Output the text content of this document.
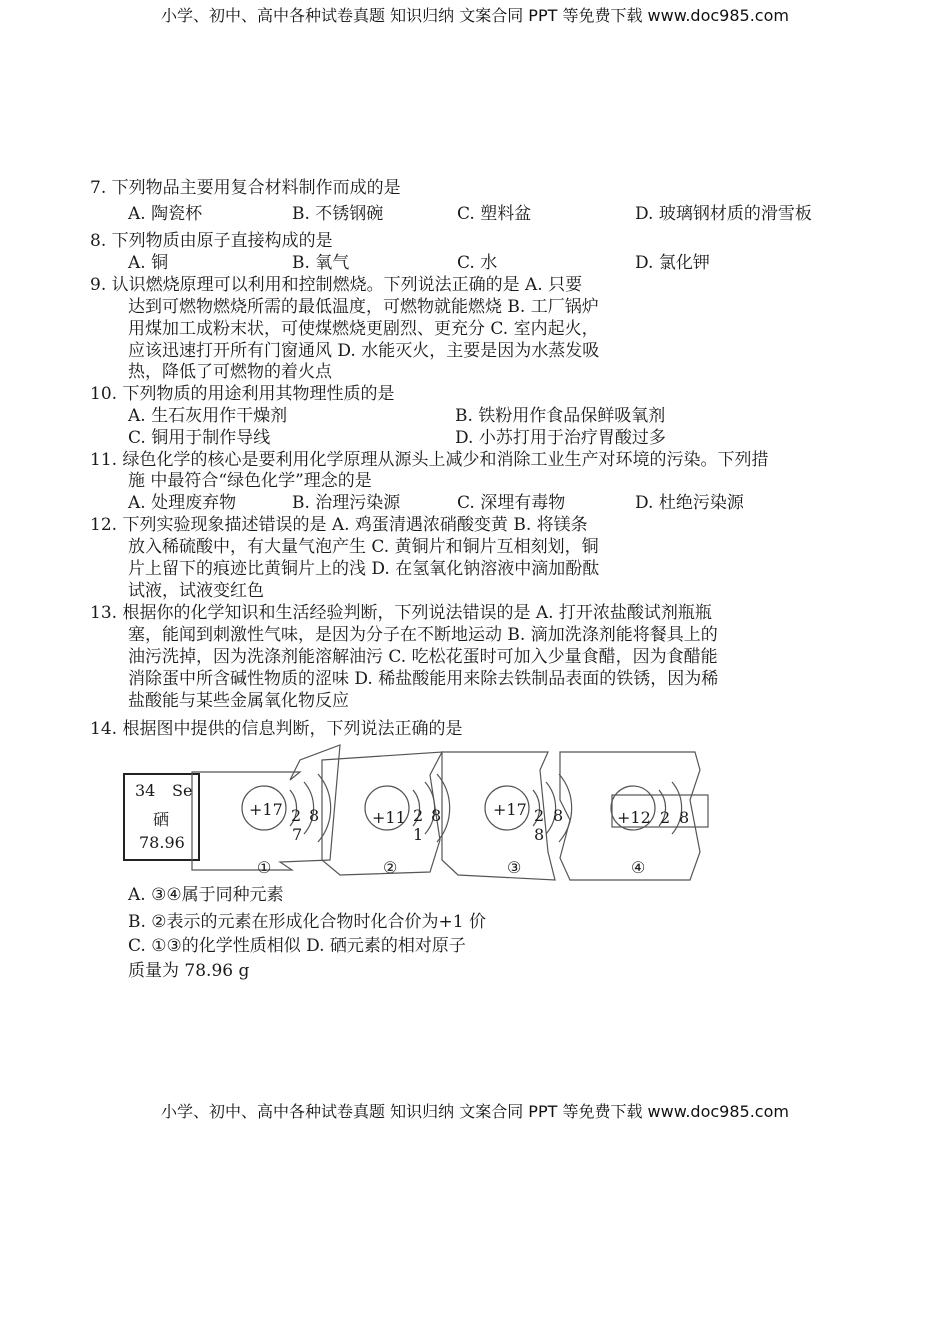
小学、初中、高中各种试卷真题 知识归纳 文案合同 PPT 等免费下载 www.doc985.com
7. 下列物品主要用复合材料制作而成的是
A. 陶瓷杯	B. 不锈钢碗	C. 塑料盆	D. 玻璃钢材质的滑雪板
8. 下列物质由原子直接构成的是
A. 铜	B. 氧气	C. 水	D. 氯化钾
9. 认识燃烧原理可以利用和控制燃烧。下列说法正确的是 A. 只要
达到可燃物燃烧所需的最低温度，可燃物就能燃烧 B. 工厂锅炉
用煤加工成粉末状，可使煤燃烧更剧烈、更充分 C. 室内起火，
应该迅速打开所有门窗通风 D. 水能灭火，主要是因为水蒸发吸
热，降低了可燃物的着火点
10. 下列物质的用途利用其物理性质的是
A. 生石灰用作干燥剂	B. 铁粉用作食品保鲜吸氧剂
C. 铜用于制作导线	D. 小苏打用于治疗胃酸过多
11. 绿色化学的核心是要利用化学原理从源头上减少和消除工业生产对环境的污染。下列措
施 中最符合“绿色化学”理念的是
A. 处理废弃物	B. 治理污染源	C. 深埋有毒物	D. 杜绝污染源
12. 下列实验现象描述错误的是 A. 鸡蛋清遇浓硝酸变黄 B. 将镁条
放入稀硫酸中，有大量气泡产生 C. 黄铜片和铜片互相刻划，铜
片上留下的痕迹比黄铜片上的浅 D. 在氢氧化钠溶液中滴加酚酞
试液，试液变红色
13. 根据你的化学知识和生活经验判断，下列说法错误的是 A. 打开浓盐酸试剂瓶瓶
塞，能闻到刺激性气味，是因为分子在不断地运动 B. 滴加洗涤剂能将餐具上的
油污洗掉，因为洗涤剂能溶解油污 C. 吃松花蛋时可加入少量食醋，因为食醋能
消除蛋中所含碱性物质的涩味 D. 稀盐酸能用来除去铁制品表面的铁锈，因为稀
盐酸能与某些金属氧化物反应
14. 根据图中提供的信息判断，下列说法正确的是
34 Se
硒
78.96
+17 2 8
7
①
+11 2 8
1
②
+17 2 8
8
③
+12 2 8
④
A. ③④属于同种元素
B. ②表示的元素在形成化合物时化合价为+1 价
C. ①③的化学性质相似 D. 硒元素的相对原子
质量为 78.96 g
小学、初中、高中各种试卷真题 知识归纳 文案合同 PPT 等免费下载 www.doc985.com
